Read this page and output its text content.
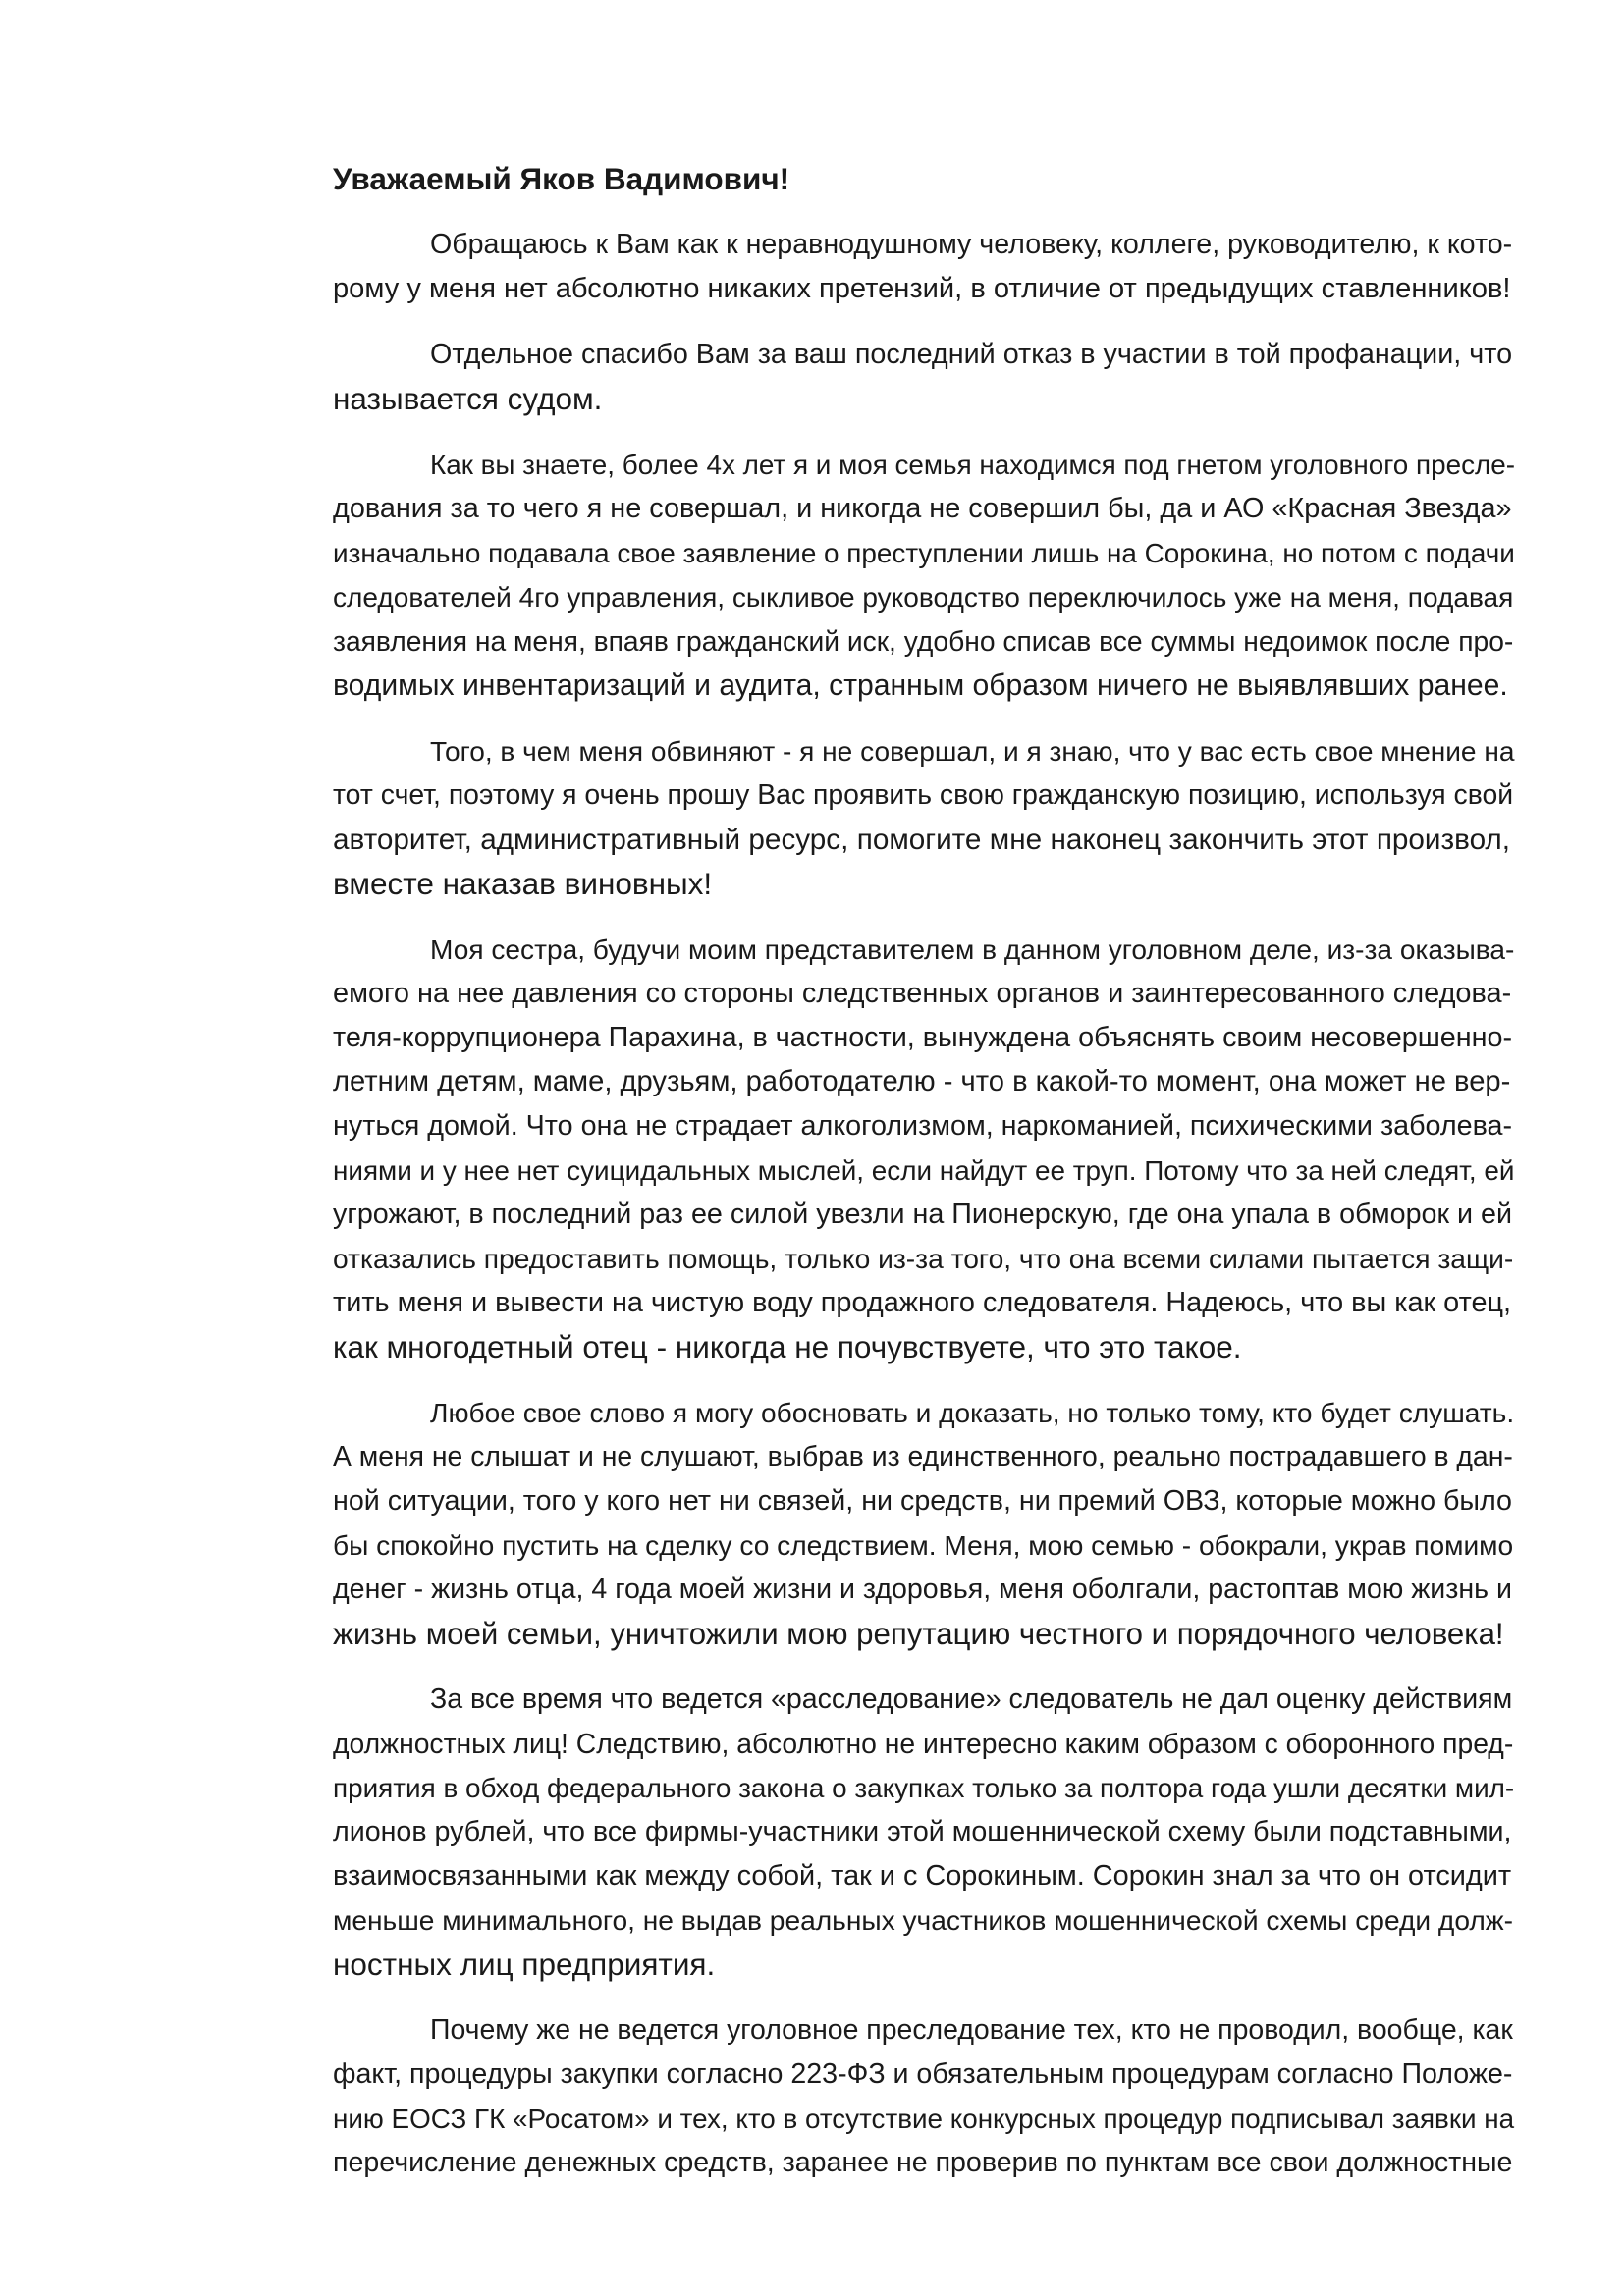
Уважаемый Яков Вадимович!
Обращаюсь к Вам как к неравнодушному человеку, коллеге, руководителю, к кото-
рому у меня нет абсолютно никаких претензий, в отличие от предыдущих ставленников!
Отдельное спасибо Вам за ваш последний отказ в участии в той профанации, что
называется судом.
Как вы знаете, более 4х лет я и моя семья находимся под гнетом уголовного пресле-
дования за то чего я не совершал, и никогда не совершил бы, да и АО «Красная Звезда»
изначально подавала свое заявление о преступлении лишь на Сорокина, но потом с подачи
следователей 4го управления, сыкливое руководство переключилось уже на меня, подавая
заявления на меня, впаяв гражданский иск, удобно списав все суммы недоимок после про-
водимых инвентаризаций и аудита, странным образом ничего не выявлявших ранее.
Того, в чем меня обвиняют - я не совершал, и я знаю, что у вас есть свое мнение на
тот счет, поэтому я очень прошу Вас проявить свою гражданскую позицию, используя свой
авторитет, административный ресурс, помогите мне наконец закончить этот произвол,
вместе наказав виновных!
Моя сестра, будучи моим представителем в данном уголовном деле, из-за оказыва-
емого на нее давления со стороны следственных органов и заинтересованного следова-
теля-коррупционера Парахина, в частности, вынуждена объяснять своим несовершенно-
летним детям, маме, друзьям, работодателю - что в какой-то момент, она может не вер-
нуться домой. Что она не страдает алкоголизмом, наркоманией, психическими заболева-
ниями и у нее нет суицидальных мыслей, если найдут ее труп. Потому что за ней следят, ей
угрожают, в последний раз ее силой увезли на Пионерскую, где она упала в обморок и ей
отказались предоставить помощь, только из-за того, что она всеми силами пытается защи-
тить меня и вывести на чистую воду продажного следователя. Надеюсь, что вы как отец,
как многодетный отец - никогда не почувствуете, что это такое.
Любое свое слово я могу обосновать и доказать, но только тому, кто будет слушать.
А меня не слышат и не слушают, выбрав из единственного, реально пострадавшего в дан-
ной ситуации, того у кого нет ни связей, ни средств, ни премий ОВЗ, которые можно было
бы спокойно пустить на сделку со следствием. Меня, мою семью - обокрали, украв помимо
денег - жизнь отца, 4 года моей жизни и здоровья, меня оболгали, растоптав мою жизнь и
жизнь моей семьи, уничтожили мою репутацию честного и порядочного человека!
За все время что ведется «расследование» следователь не дал оценку действиям
должностных лиц! Следствию, абсолютно не интересно каким образом с оборонного пред-
приятия в обход федерального закона о закупках только за полтора года ушли десятки мил-
лионов рублей, что все фирмы-участники этой мошеннической схему были подставными,
взаимосвязанными как между собой, так и с Сорокиным. Сорокин знал за что он отсидит
меньше минимального, не выдав реальных участников мошеннической схемы среди долж-
ностных лиц предприятия.
Почему же не ведется уголовное преследование тех, кто не проводил, вообще, как
факт, процедуры закупки согласно 223-ФЗ и обязательным процедурам согласно Положе-
нию ЕОСЗ ГК «Росатом» и тех, кто в отсутствие конкурсных процедур подписывал заявки на
перечисление денежных средств, заранее не проверив по пунктам все свои должностные
